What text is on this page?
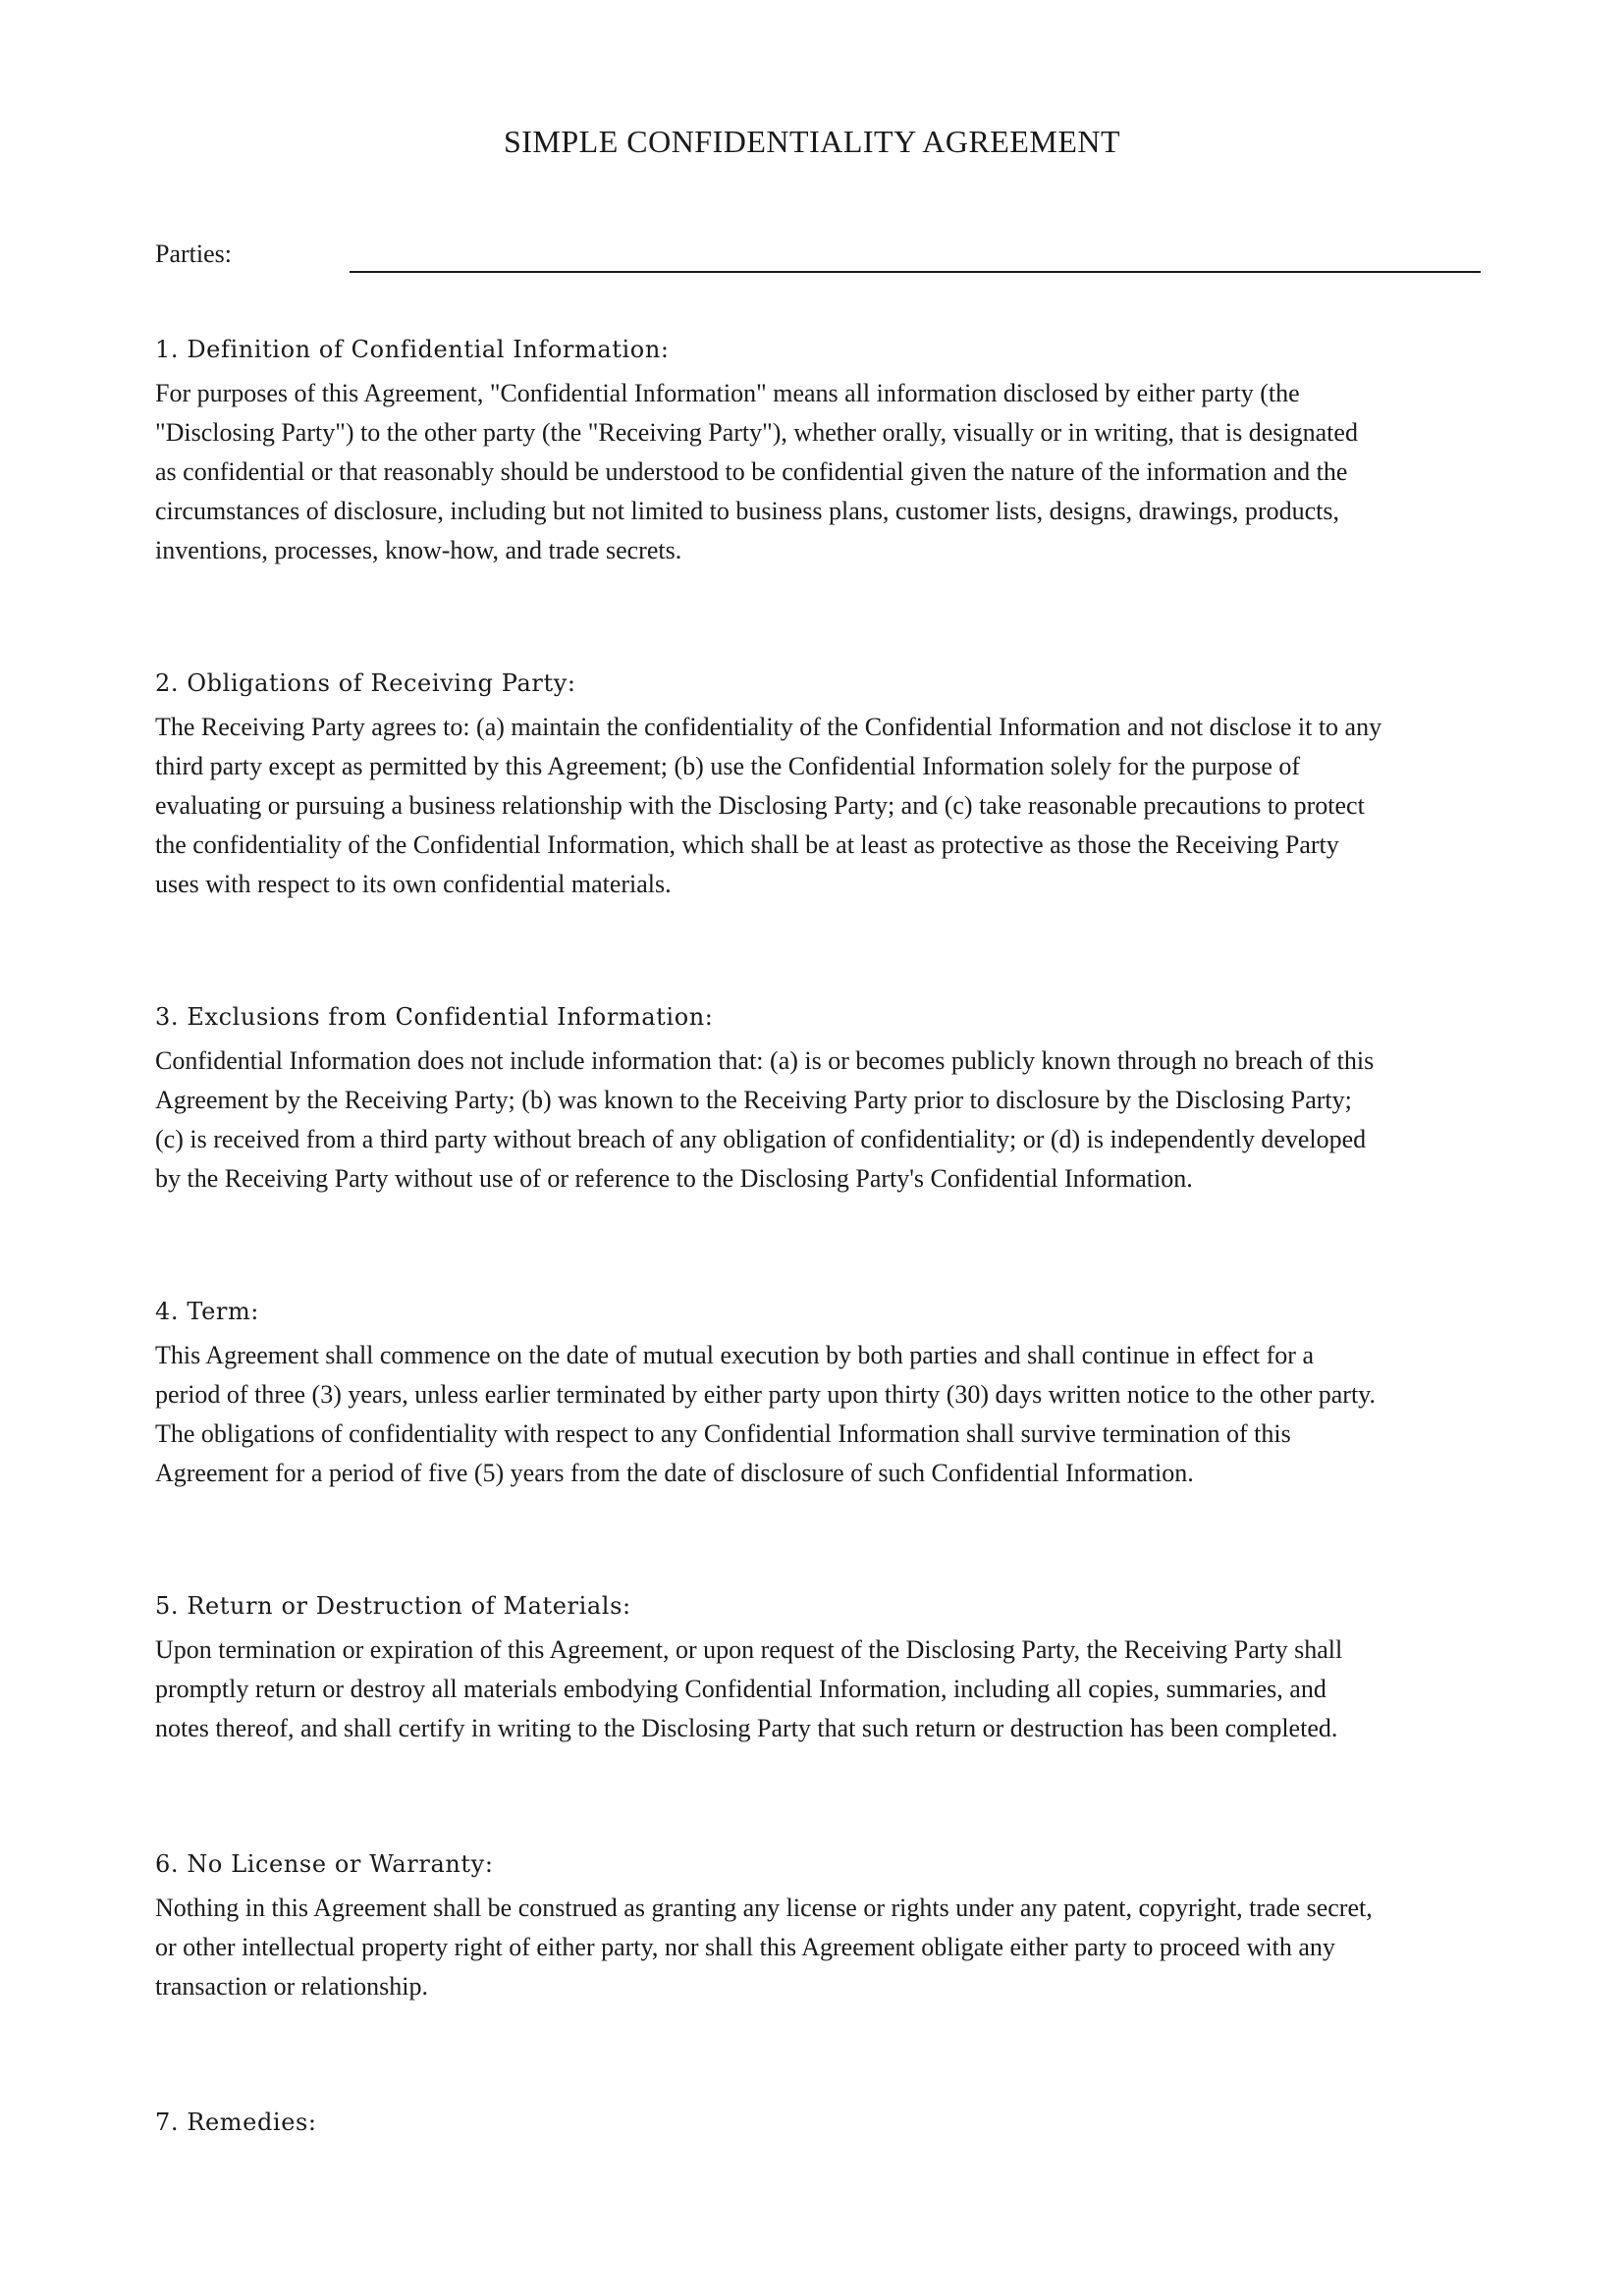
SIMPLE CONFIDENTIALITY AGREEMENT
Parties:

1. Definition of Confidential Information:

For purposes of this Agreement, "Confidential Information" means all information disclosed by either party (the
"Disclosing Party") to the other party (the "Receiving Party"), whether orally, visually or in writing, that is designated
as confidential or that reasonably should be understood to be confidential given the nature of the information and the
circumstances of disclosure, including but not limited to business plans, customer lists, designs, drawings, products,
inventions, processes, know-how, and trade secrets.

2. Obligations of Receiving Party:

The Receiving Party agrees to: (a) maintain the confidentiality of the Confidential Information and not disclose it to any
third party except as permitted by this Agreement; (b) use the Confidential Information solely for the purpose of
evaluating or pursuing a business relationship with the Disclosing Party; and (c) take reasonable precautions to protect
the confidentiality of the Confidential Information, which shall be at least as protective as those the Receiving Party
uses with respect to its own confidential materials.

3. Exclusions from Confidential Information:

Confidential Information does not include information that: (a) is or becomes publicly known through no breach of this
Agreement by the Receiving Party; (b) was known to the Receiving Party prior to disclosure by the Disclosing Party;
(c) is received from a third party without breach of any obligation of confidentiality; or (d) is independently developed
by the Receiving Party without use of or reference to the Disclosing Party's Confidential Information.

4. Term:

This Agreement shall commence on the date of mutual execution by both parties and shall continue in effect for a
period of three (3) years, unless earlier terminated by either party upon thirty (30) days written notice to the other party.
The obligations of confidentiality with respect to any Confidential Information shall survive termination of this
Agreement for a period of five (5) years from the date of disclosure of such Confidential Information.

5. Return or Destruction of Materials:

Upon termination or expiration of this Agreement, or upon request of the Disclosing Party, the Receiving Party shall
promptly return or destroy all materials embodying Confidential Information, including all copies, summaries, and
notes thereof, and shall certify in writing to the Disclosing Party that such return or destruction has been completed.

6. No License or Warranty:

Nothing in this Agreement shall be construed as granting any license or rights under any patent, copyright, trade secret,
or other intellectual property right of either party, nor shall this Agreement obligate either party to proceed with any
transaction or relationship.

7. Remedies:
